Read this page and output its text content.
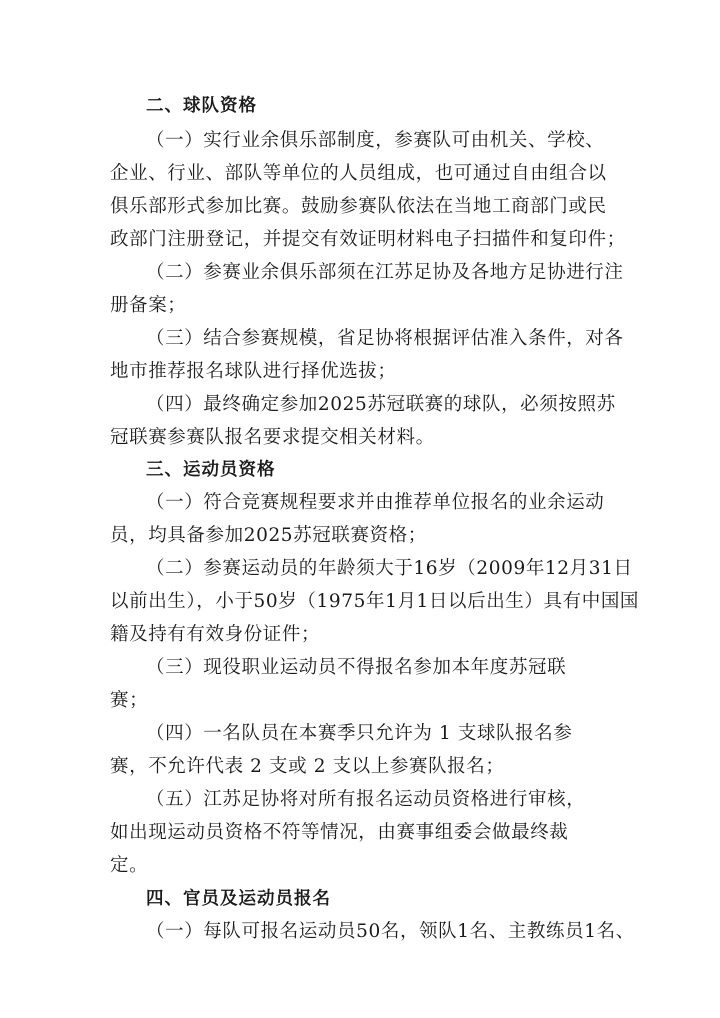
二、球队资格
（一）实行业余俱乐部制度，参赛队可由机关、学校、
企业、行业、部队等单位的人员组成，也可通过自由组合以
俱乐部形式参加比赛。鼓励参赛队依法在当地工商部门或民
政部门注册登记，并提交有效证明材料电子扫描件和复印件；
（二）参赛业余俱乐部须在江苏足协及各地方足协进行注
册备案；
（三）结合参赛规模，省足协将根据评估准入条件，对各
地市推荐报名球队进行择优选拔；
（四）最终确定参加2025苏冠联赛的球队，必须按照苏
冠联赛参赛队报名要求提交相关材料。
三、运动员资格
（一）符合竞赛规程要求并由推荐单位报名的业余运动
员，均具备参加2025苏冠联赛资格；
（二）参赛运动员的年龄须大于16岁（2009年12月31日
以前出生），小于50岁（1975年1月1日以后出生）具有中国国
籍及持有有效身份证件；
（三）现役职业运动员不得报名参加本年度苏冠联
赛；
（四）一名队员在本赛季只允许为 1 支球队报名参
赛，不允许代表 2 支或 2 支以上参赛队报名；
（五）江苏足协将对所有报名运动员资格进行审核，
如出现运动员资格不符等情况，由赛事组委会做最终裁
定。
四、官员及运动员报名
（一）每队可报名运动员50名，领队1名、主教练员1名、
